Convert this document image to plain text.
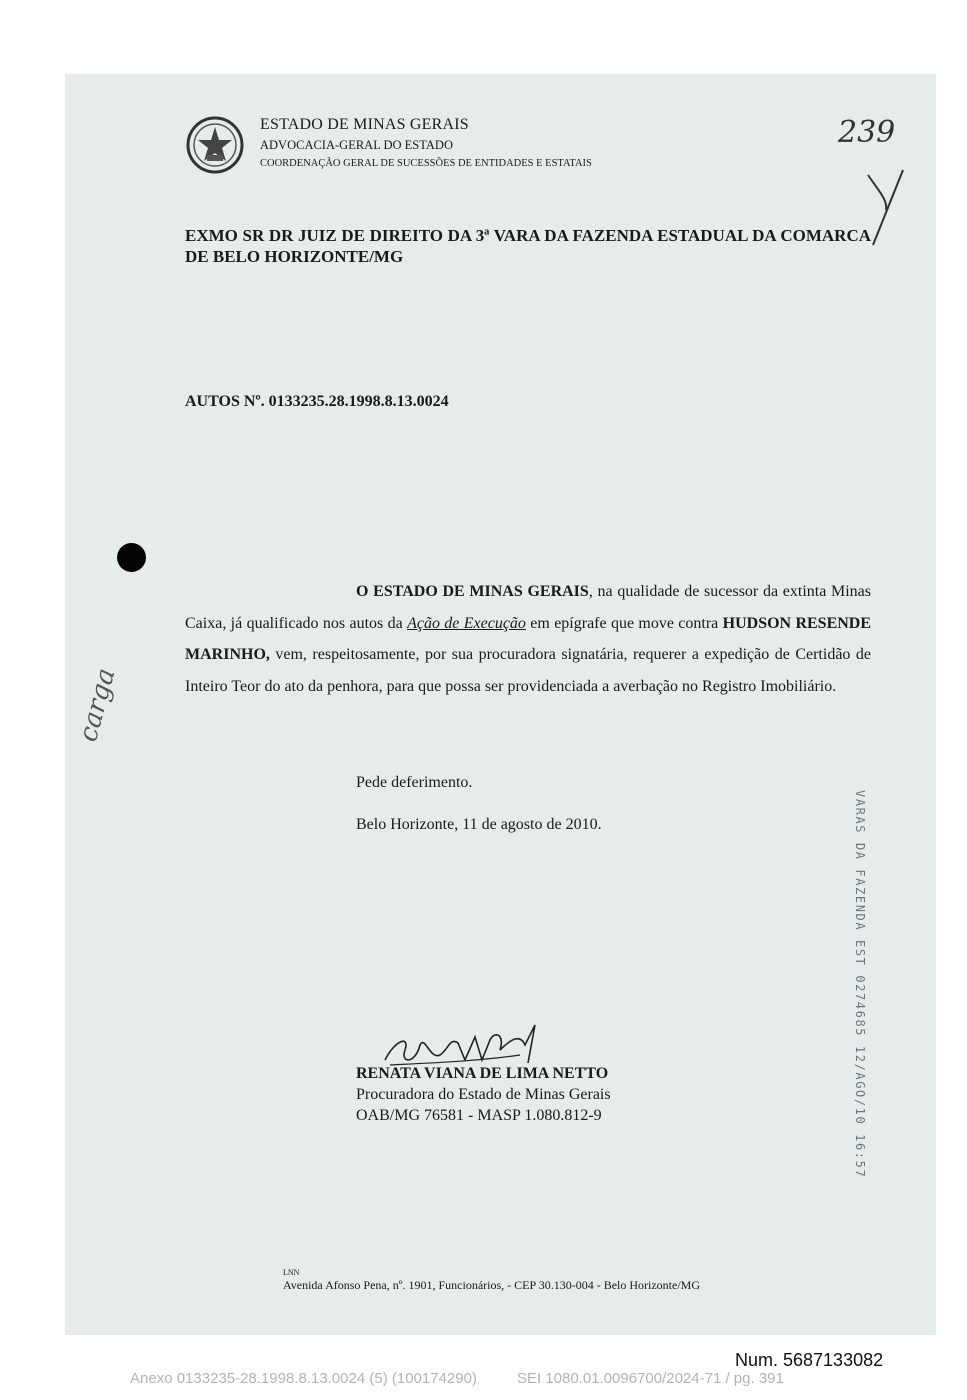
ESTADO DE MINAS GERAIS
ADVOCACIA-GERAL DO ESTADO
COORDENAÇÃO GERAL DE SUCESSÕES DE ENTIDADES E ESTATAIS
239
EXMO SR DR JUIZ DE DIREITO DA 3ª VARA DA FAZENDA ESTADUAL DA COMARCA DE BELO HORIZONTE/MG
AUTOS Nº. 0133235.28.1998.8.13.0024
carga
O ESTADO DE MINAS GERAIS, na qualidade de sucessor da extinta Minas Caixa, já qualificado nos autos da Ação de Execução em epígrafe que move contra HUDSON RESENDE MARINHO, vem, respeitosamente, por sua procuradora signatária, requerer a expedição de Certidão de Inteiro Teor do ato da penhora, para que possa ser providenciada a averbação no Registro Imobiliário.
Pede deferimento.
Belo Horizonte, 11 de agosto de 2010.	VARAS DA FAZENDA EST 0274685 12/AGO/10 16:57
RENATA VIANA DE LIMA NETTO
Procuradora do Estado de Minas Gerais
OAB/MG 76581 - MASP 1.080.812-9
LNN
Avenida Afonso Pena, nº. 1901, Funcionários, - CEP 30.130-004 - Belo Horizonte/MG
Num. 5687133082
Anexo 0133235-28.1998.8.13.0024 (5) (100174290)	SEI 1080.01.0096700/2024-71 / pg. 391
